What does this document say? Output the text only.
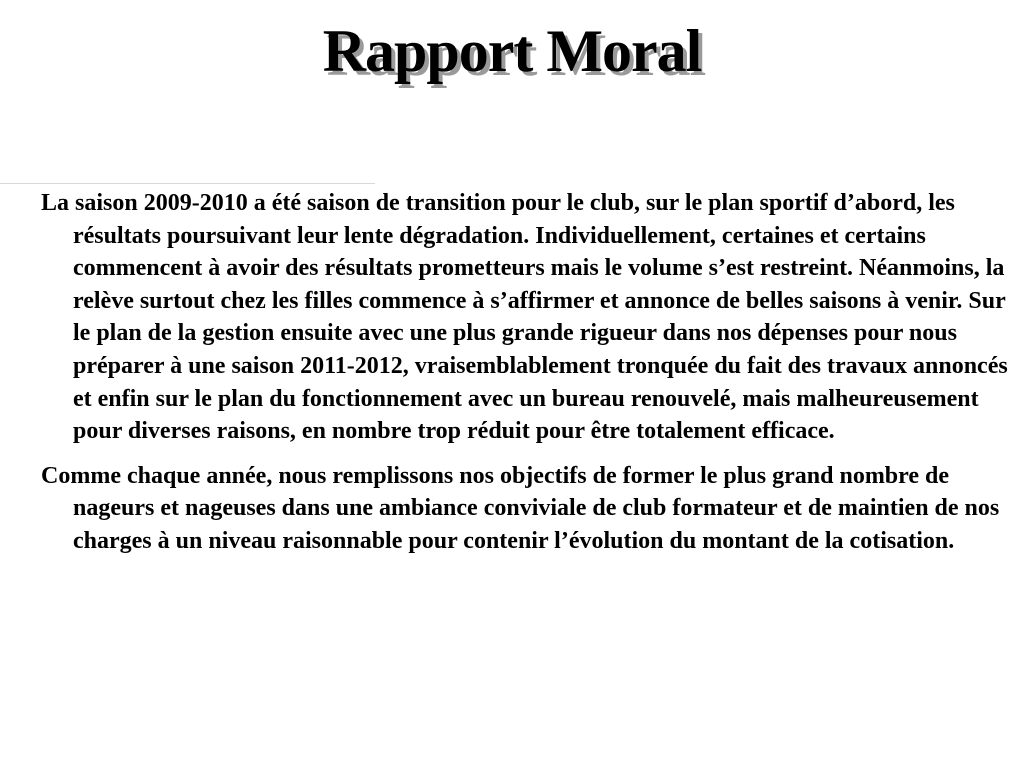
Rapport Moral

La saison 2009-2010 a été saison de transition pour le club, sur le plan sportif d’abord, les résultats poursuivant leur lente dégradation. Individuellement, certaines et certains commencent à avoir des résultats prometteurs mais le volume s’est restreint. Néanmoins, la relève surtout chez les filles commence à s’affirmer et annonce de belles saisons à venir. Sur le plan de la gestion ensuite avec une plus grande rigueur dans nos dépenses pour nous préparer à une saison 2011-2012, vraisemblablement tronquée du fait des travaux annoncés et enfin sur le plan du fonctionnement avec un bureau renouvelé, mais malheureusement pour diverses raisons, en nombre trop réduit pour être totalement efficace.

Comme chaque année, nous remplissons nos objectifs de former le plus grand nombre de nageurs et nageuses dans une ambiance conviviale de club formateur et de maintien de nos charges à un niveau raisonnable pour contenir l’évolution du montant de la cotisation.
